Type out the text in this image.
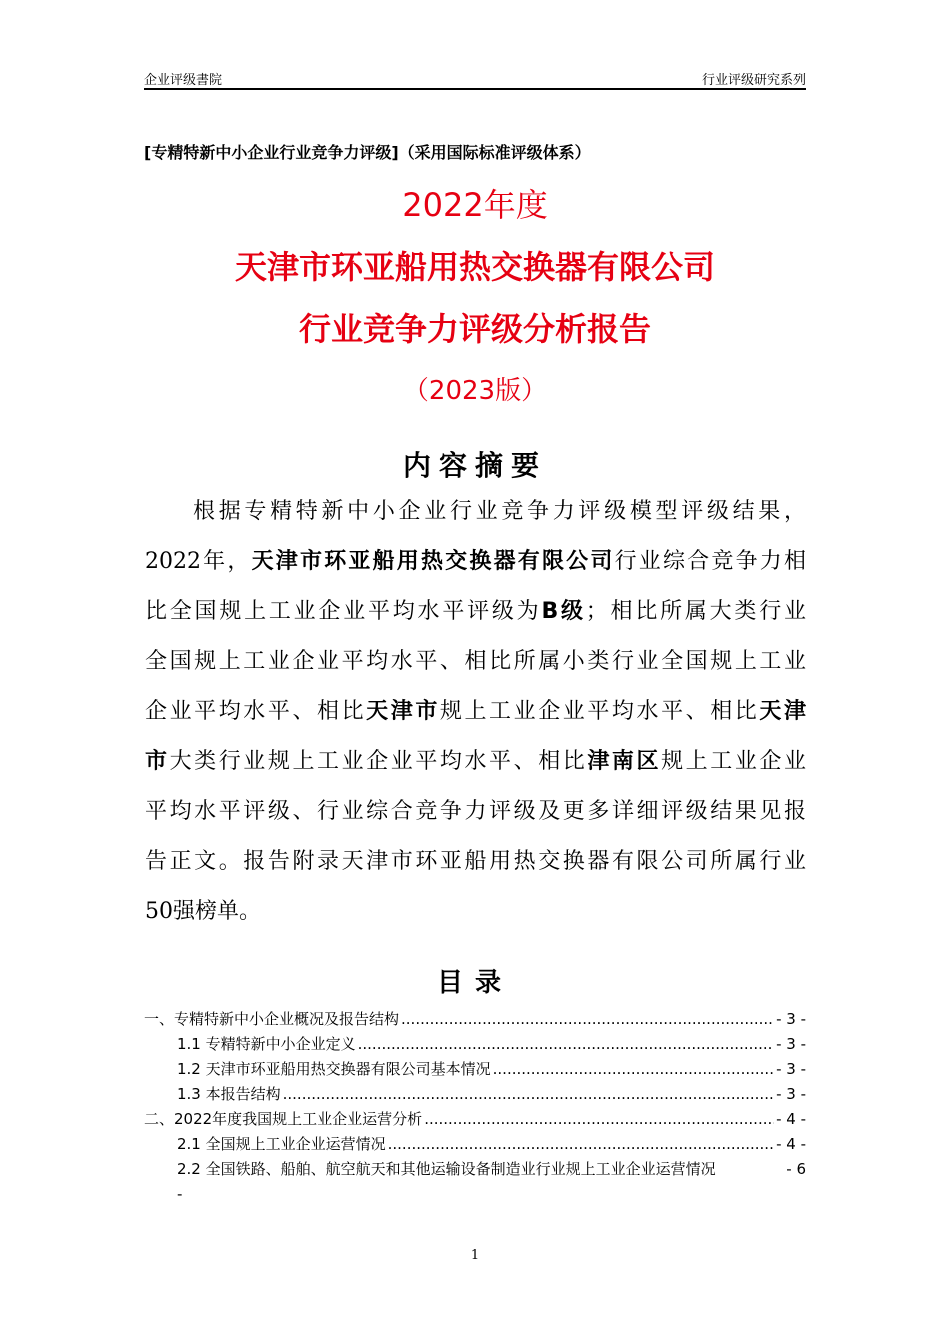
企业评级書院	行业评级研究系列
[专精特新中小企业行业竞争力评级]（采用国际标准评级体系）
2022年度
天津市环亚船用热交换器有限公司
行业竞争力评级分析报告
（2023版）
内容摘要
根据专精特新中小企业行业竞争力评级模型评级结果，
2022年，天津市环亚船用热交换器有限公司行业综合竞争力相
比全国规上工业企业平均水平评级为B级；相比所属大类行业
全国规上工业企业平均水平、相比所属小类行业全国规上工业
企业平均水平、相比天津市规上工业企业平均水平、相比天津
市大类行业规上工业企业平均水平、相比津南区规上工业企业
平均水平评级、行业综合竞争力评级及更多详细评级结果见报
告正文。报告附录天津市环亚船用热交换器有限公司所属行业
50强榜单。
目录
一、专精特新中小企业概况及报告结构 .....	- 3 -
1.1 专精特新中小企业定义 .....	- 3 -
1.2 天津市环亚船用热交换器有限公司基本情况 .....	- 3 -
1.3 本报告结构 .....	- 3 -
二、2022年度我国规上工业企业运营分析 .....	- 4 -
2.1 全国规上工业企业运营情况 .....	- 4 -
2.2 全国铁路、船舶、航空航天和其他运输设备制造业行业规上工业企业运营情况	- 6
-
1
